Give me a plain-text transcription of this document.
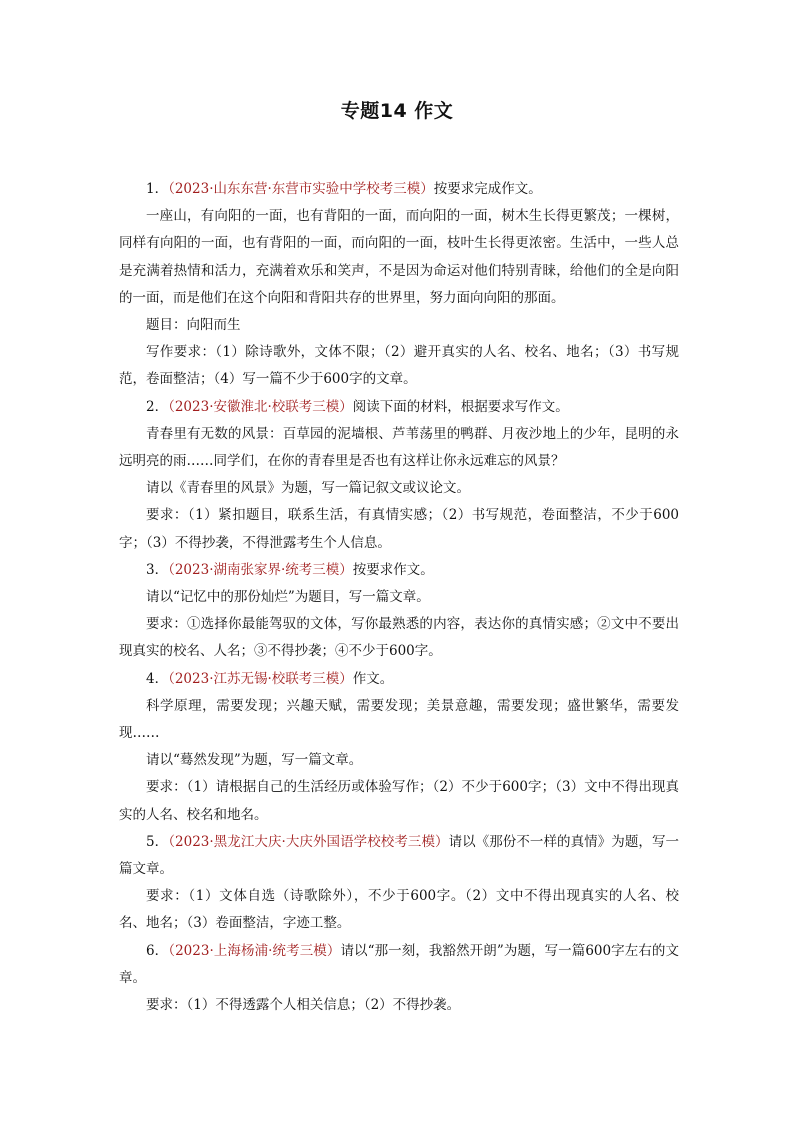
专题14 作文

1．（2023·山东东营·东营市实验中学校考三模）按要求完成作文。

一座山，有向阳的一面，也有背阳的一面，而向阳的一面，树木生长得更繁茂；一棵树，同样有向阳的一面，也有背阳的一面，而向阳的一面，枝叶生长得更浓密。生活中，一些人总是充满着热情和活力，充满着欢乐和笑声，不是因为命运对他们特别青睐，给他们的全是向阳的一面，而是他们在这个向阳和背阳共存的世界里，努力面向向阳的那面。

题目：向阳而生

写作要求：（1）除诗歌外，文体不限；（2）避开真实的人名、校名、地名；（3）书写规范，卷面整洁；（4）写一篇不少于600字的文章。

2．（2023·安徽淮北·校联考三模）阅读下面的材料，根据要求写作文。

青春里有无数的风景：百草园的泥墙根、芦苇荡里的鸭群、月夜沙地上的少年，昆明的永远明亮的雨……同学们，在你的青春里是否也有这样让你永远难忘的风景？

请以《青春里的风景》为题，写一篇记叙文或议论文。

要求：（1）紧扣题目，联系生活，有真情实感；（2）书写规范，卷面整洁，不少于600字；（3）不得抄袭，不得泄露考生个人信息。

3．（2023·湖南张家界·统考三模）按要求作文。

请以“记忆中的那份灿烂”为题目，写一篇文章。

要求：①选择你最能驾驭的文体，写你最熟悉的内容，表达你的真情实感；②文中不要出现真实的校名、人名；③不得抄袭；④不少于600字。

4．（2023·江苏无锡·校联考三模）作文。

科学原理，需要发现；兴趣天赋，需要发现；美景意趣，需要发现；盛世繁华，需要发现……

请以“蓦然发现”为题，写一篇文章。

要求：（1）请根据自己的生活经历或体验写作；（2）不少于600字；（3）文中不得出现真实的人名、校名和地名。

5．（2023·黑龙江大庆·大庆外国语学校校考三模）请以《那份不一样的真情》为题，写一篇文章。

要求：（1）文体自选（诗歌除外），不少于600字。（2）文中不得出现真实的人名、校名、地名；（3）卷面整洁，字迹工整。

6．（2023·上海杨浦·统考三模）请以“那一刻，我豁然开朗”为题，写一篇600字左右的文章。

要求：（1）不得透露个人相关信息；（2）不得抄袭。
